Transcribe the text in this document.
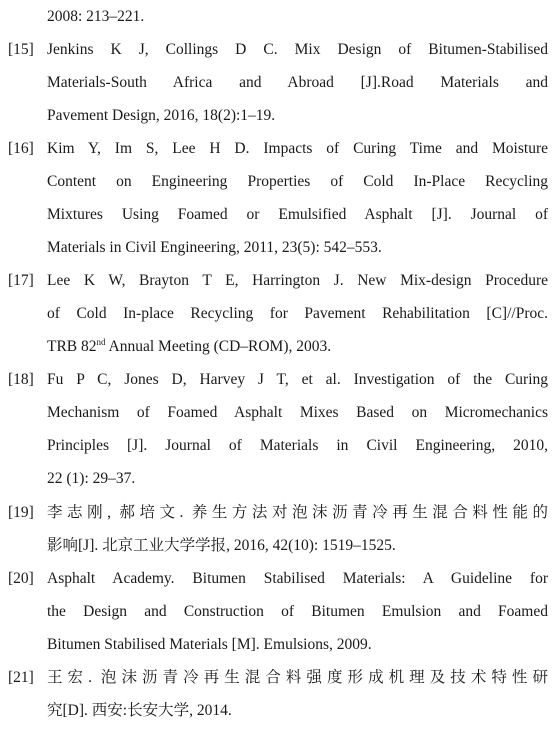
2008: 213–221.
[15] Jenkins K J, Collings D C. Mix Design of Bitumen-Stabilised
Materials-South Africa and Abroad [J].Road Materials and
Pavement Design, 2016, 18(2):1–19.
[16] Kim Y, Im S, Lee H D. Impacts of Curing Time and Moisture
Content on Engineering Properties of Cold In-Place Recycling
Mixtures Using Foamed or Emulsified Asphalt [J]. Journal of
Materials in Civil Engineering, 2011, 23(5): 542–553.
[17] Lee K W, Brayton T E, Harrington J. New Mix-design Procedure
of Cold In-place Recycling for Pavement Rehabilitation [C]//Proc.
TRB 82nd Annual Meeting (CD–ROM), 2003.
[18] Fu P C, Jones D, Harvey J T, et al. Investigation of the Curing
Mechanism of Foamed Asphalt Mixes Based on Micromechanics
Principles [J]. Journal of Materials in Civil Engineering, 2010,
22 (1): 29–37.
[19] 李志刚, 郝培文. 养生方法对泡沫沥青冷再生混合料性能的
影响[J]. 北京工业大学学报, 2016, 42(10): 1519–1525.
[20] Asphalt Academy. Bitumen Stabilised Materials: A Guideline for
the Design and Construction of Bitumen Emulsion and Foamed
Bitumen Stabilised Materials [M]. Emulsions, 2009.
[21] 王宏. 泡沫沥青冷再生混合料强度形成机理及技术特性研
究[D]. 西安:长安大学, 2014.
